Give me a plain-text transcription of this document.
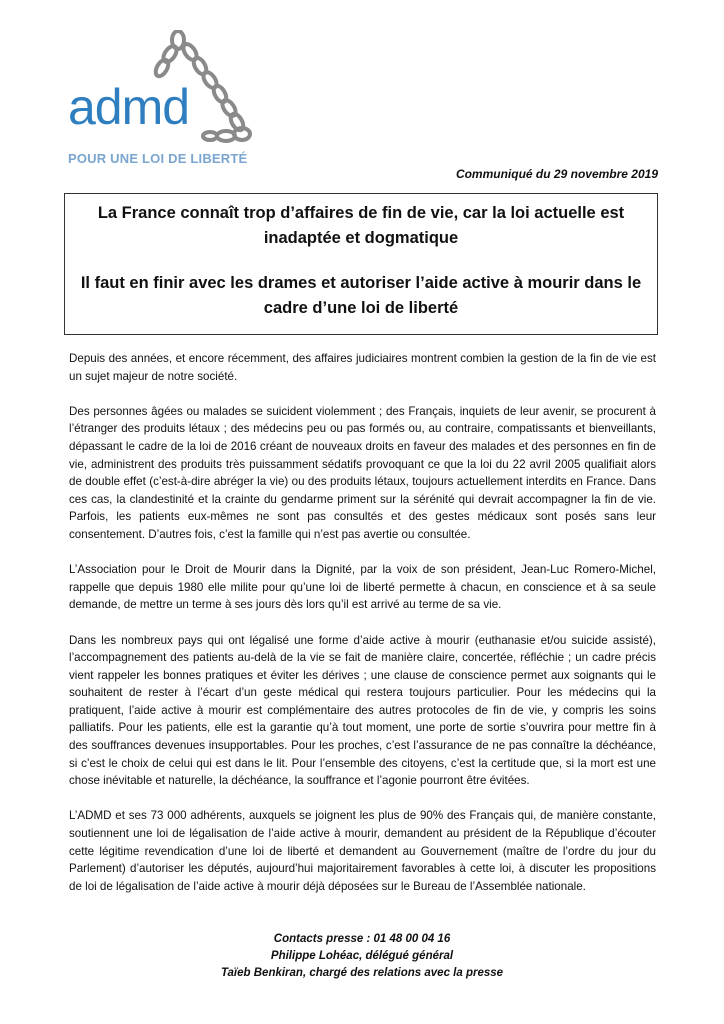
admd
POUR UNE LOI DE LIBERTÉ
Communiqué du 29 novembre 2019

La France connaît trop d’affaires de fin de vie, car la loi actuelle est inadaptée et dogmatique

Il faut en finir avec les drames et autoriser l’aide active à mourir dans le cadre d’une loi de liberté

Depuis des années, et encore récemment, des affaires judiciaires montrent combien la gestion de la fin de vie est un sujet majeur de notre société.

Des personnes âgées ou malades se suicident violemment ; des Français, inquiets de leur avenir, se procurent à l’étranger des produits létaux ; des médecins peu ou pas formés ou, au contraire, compatissants et bienveillants, dépassant le cadre de la loi de 2016 créant de nouveaux droits en faveur des malades et des personnes en fin de vie, administrent des produits très puissamment sédatifs provoquant ce que la loi du 22 avril 2005 qualifiait alors de double effet (c’est-à-dire abréger la vie) ou des produits létaux, toujours actuellement interdits en France. Dans ces cas, la clandestinité et la crainte du gendarme priment sur la sérénité qui devrait accompagner la fin de vie. Parfois, les patients eux-mêmes ne sont pas consultés et des gestes médicaux sont posés sans leur consentement. D’autres fois, c’est la famille qui n’est pas avertie ou consultée.

L’Association pour le Droit de Mourir dans la Dignité, par la voix de son président, Jean-Luc Romero-Michel, rappelle que depuis 1980 elle milite pour qu’une loi de liberté permette à chacun, en conscience et à sa seule demande, de mettre un terme à ses jours dès lors qu’il est arrivé au terme de sa vie.

Dans les nombreux pays qui ont légalisé une forme d’aide active à mourir (euthanasie et/ou suicide assisté), l’accompagnement des patients au-delà de la vie se fait de manière claire, concertée, réfléchie ; un cadre précis vient rappeler les bonnes pratiques et éviter les dérives ; une clause de conscience permet aux soignants qui le souhaitent de rester à l’écart d’un geste médical qui restera toujours particulier. Pour les médecins qui la pratiquent, l’aide active à mourir est complémentaire des autres protocoles de fin de vie, y compris les soins palliatifs. Pour les patients, elle est la garantie qu’à tout moment, une porte de sortie s’ouvrira pour mettre fin à des souffrances devenues insupportables. Pour les proches, c’est l’assurance de ne pas connaître la déchéance, si c’est le choix de celui qui est dans le lit. Pour l’ensemble des citoyens, c’est la certitude que, si la mort est une chose inévitable et naturelle, la déchéance, la souffrance et l’agonie pourront être évitées.

L’ADMD et ses 73 000 adhérents, auxquels se joignent les plus de 90% des Français qui, de manière constante, soutiennent une loi de légalisation de l’aide active à mourir, demandent au président de la République d’écouter cette légitime revendication d’une loi de liberté et demandent au Gouvernement (maître de l’ordre du jour du Parlement) d’autoriser les députés, aujourd’hui majoritairement favorables à cette loi, à discuter les propositions de loi de légalisation de l’aide active à mourir déjà déposées sur le Bureau de l’Assemblée nationale.

Contacts presse : 01 48 00 04 16
Philippe Lohéac, délégué général
Taïeb Benkiran, chargé des relations avec la presse
